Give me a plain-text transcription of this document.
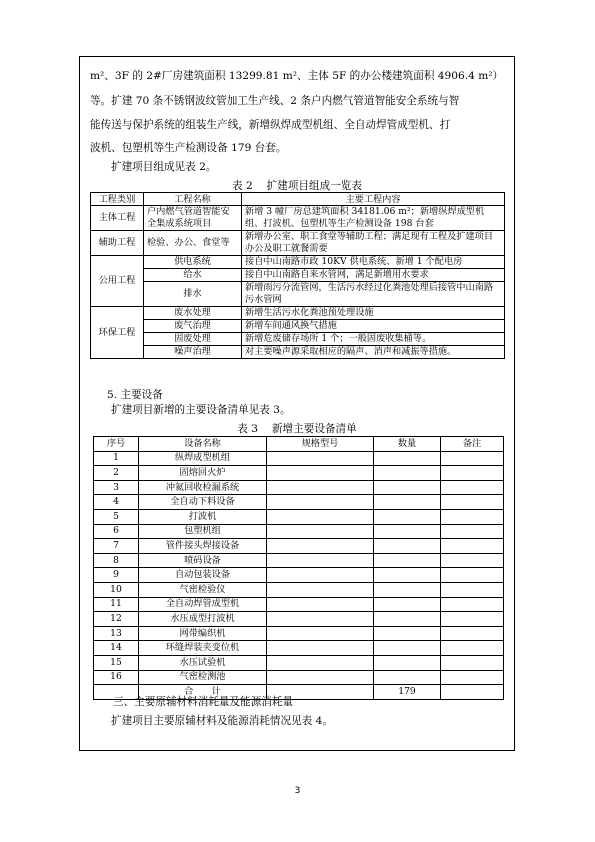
m²、3F 的 2#厂房建筑面积 13299.81 m²、主体 5F 的办公楼建筑面积 4906.4 m²）

等。扩建 70 条不锈钢波纹管加工生产线、2 条户内燃气管道智能安全系统与智

能传送与保护系统的组装生产线，新增纵焊成型机组、全自动焊管成型机、打

波机、包塑机等生产检测设备 179 台套。

扩建项目组成见表 2。

表 2　 扩建项目组成一览表
工程类别	工程名称	主要工程内容
主体工程	户内燃气管道智能安全集成系统项目	新增 3 幢厂房总建筑面积 34181.06 m²；新增纵焊成型机组、打波机、包塑机等生产检测设备 198 台套
辅助工程	检验、办公、食堂等	新增办公室、职工食堂等辅助工程；满足现有工程及扩建项目办公及职工就餐需要
公用工程	供电系统	接自中山南路市政 10KV 供电系统、新增 1 个配电房
	给水	接自中山南路自来水管网，满足新增用水要求
	排水	新增雨污分流管网，生活污水经过化粪池处理后接管中山南路污水管网
环保工程	废水处理	新增生活污水化粪池预处理设施
	废气治理	新增车间通风换气措施
	固废处理	新增危废储存场所 1 个；一般固废收集桶等。
	噪声治理	对主要噪声源采取相应的隔声、消声和减振等措施。
5. 主要设备

扩建项目新增的主要设备清单见表 3。

表 3　 新增主要设备清单
序号	设备名称	规格型号	数量	备注
1	纵焊成型机组			
2	固熔回火炉			
3	冲氦回收检漏系统			
4	全自动下料设备			
5	打波机			
6	包塑机组			
7	管件接头焊接设备			
8	喷码设备			
9	自动包装设备			
10	气密检验仪			
11	全自动焊管成型机			
12	水压成型打波机			
13	网带编织机			
14	环缝焊装夹变位机			
15	水压试验机			
16	气密检测池			
	合　　计		179	
三、主要原辅材料消耗量及能源消耗量

扩建项目主要原辅材料及能源消耗情况见表 4。

3
